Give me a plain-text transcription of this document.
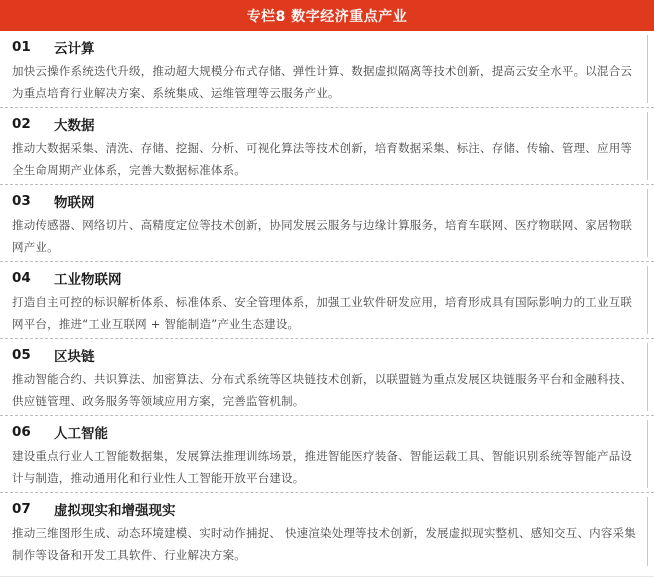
专栏8 数字经济重点产业
01	云计算
加快云操作系统迭代升级，推动超大规模分布式存储、弹性计算、数据虚拟隔离等技术创新，提高云安全水平。以混合云为重点培育行业解决方案、系统集成、运维管理等云服务产业。
02	大数据
推动大数据采集、清洗、存储、挖掘、分析、可视化算法等技术创新，培育数据采集、标注、存储、传输、管理、应用等全生命周期产业体系，完善大数据标准体系。
03	物联网
推动传感器、网络切片、高精度定位等技术创新，协同发展云服务与边缘计算服务，培育车联网、医疗物联网、家居物联网产业。
04	工业物联网
打造自主可控的标识解析体系、标准体系、安全管理体系，加强工业软件研发应用，培育形成具有国际影响力的工业互联网平台，推进“工业互联网 + 智能制造”产业生态建设。
05	区块链
推动智能合约、共识算法、加密算法、分布式系统等区块链技术创新，以联盟链为重点发展区块链服务平台和金融科技、供应链管理、政务服务等领域应用方案，完善监管机制。
06	人工智能
建设重点行业人工智能数据集，发展算法推理训练场景，推进智能医疗装备、智能运载工具、智能识别系统等智能产品设计与制造，推动通用化和行业性人工智能开放平台建设。
07	虚拟现实和增强现实
推动三维图形生成、动态环境建模、实时动作捕捉、 快速渲染处理等技术创新，发展虚拟现实整机、感知交互、内容采集制作等设备和开发工具软件、行业解决方案。
